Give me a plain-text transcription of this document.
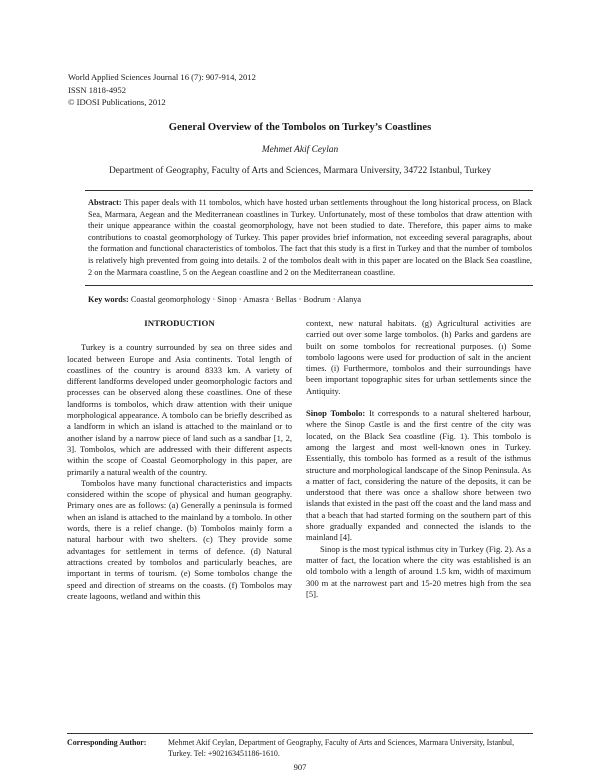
World Applied Sciences Journal 16 (7): 907-914, 2012
ISSN 1818-4952
© IDOSI Publications, 2012
General Overview of the Tombolos on Turkey’s Coastlines
Mehmet Akif Ceylan
Department of Geography, Faculty of Arts and Sciences, Marmara University, 34722 Istanbul, Turkey
Abstract: This paper deals with 11 tombolos, which have hosted urban settlements throughout the long historical process, on Black Sea, Marmara, Aegean and the Mediterranean coastlines in Turkey. Unfortunately, most of these tombolos that draw attention with their unique appearance within the coastal geomorphology, have not been studied to date. Therefore, this paper aims to make contributions to coastal geomorphology of Turkey. This paper provides brief information, not exceeding several paragraphs, about the formation and functional characteristics of tombolos. The fact that this study is a first in Turkey and that the number of tombolos is relatively high prevented from going into details. 2 of the tombolos dealt with in this paper are located on the Black Sea coastline, 2 on the Marmara coastline, 5 on the Aegean coastline and 2 on the Mediterranean coastline.
Key words: Coastal geomorphology · Sinop · Amasra · Bellas · Bodrum · Alanya
INTRODUCTION

Turkey is a country surrounded by sea on three sides and located between Europe and Asia continents. Total length of coastlines of the country is around 8333 km. A variety of different landforms developed under geomorphologic factors and processes can be observed along these coastlines. One of these landforms is tombolos, which draw attention with their unique morphological appearance. A tombolo can be briefly described as a landform in which an island is attached to the mainland or to another island by a narrow piece of land such as a sandbar [1, 2, 3]. Tombolos, which are addressed with their different aspects within the scope of Coastal Geomorphology in this paper, are primarily a natural wealth of the country.

Tombolos have many functional characteristics and impacts considered within the scope of physical and human geography. Primary ones are as follows: (a) Generally a peninsula is formed when an island is attached to the mainland by a tombolo. In other words, there is a relief change. (b) Tombolos mainly form a natural harbour with two shelters. (c) They provide some advantages for settlement in terms of defence. (d) Natural attractions created by tombolos and particularly beaches, are important in terms of tourism. (e) Some tombolos change the speed and direction of streams on the coasts. (f) Tombolos may create lagoons, wetland and within this

context, new natural habitats. (g) Agricultural activities are carried out over some large tombolos. (h) Parks and gardens are built on some tombolos for recreational purposes. (ı) Some tombolo lagoons were used for production of salt in the ancient times. (i) Furthermore, tombolos and their surroundings have been important topographic sites for urban settlements since the Antiquity.

Sinop Tombolo: It corresponds to a natural sheltered harbour, where the Sinop Castle is and the first centre of the city was located, on the Black Sea coastline (Fig. 1). This tombolo is among the largest and most well-known ones in Turkey. Essentially, this tombolo has formed as a result of the isthmus structure and morphological landscape of the Sinop Peninsula. As a matter of fact, considering the nature of the deposits, it can be understood that there was once a shallow shore between two islands that existed in the past off the coast and the land mass and that a beach that had started forming on the southern part of this shore gradually expanded and connected the islands to the mainland [4].

Sinop is the most typical isthmus city in Turkey (Fig. 2). As a matter of fact, the location where the city was established is an old tombolo with a length of around 1.5 km, width of maximum 300 m at the narrowest part and 15-20 metres high from the sea [5].

Corresponding Author:	Mehmet Akif Ceylan, Department of Geography, Faculty of Arts and Sciences, Marmara University, Istanbul, Turkey. Tel: +902163451186-1610.
907
